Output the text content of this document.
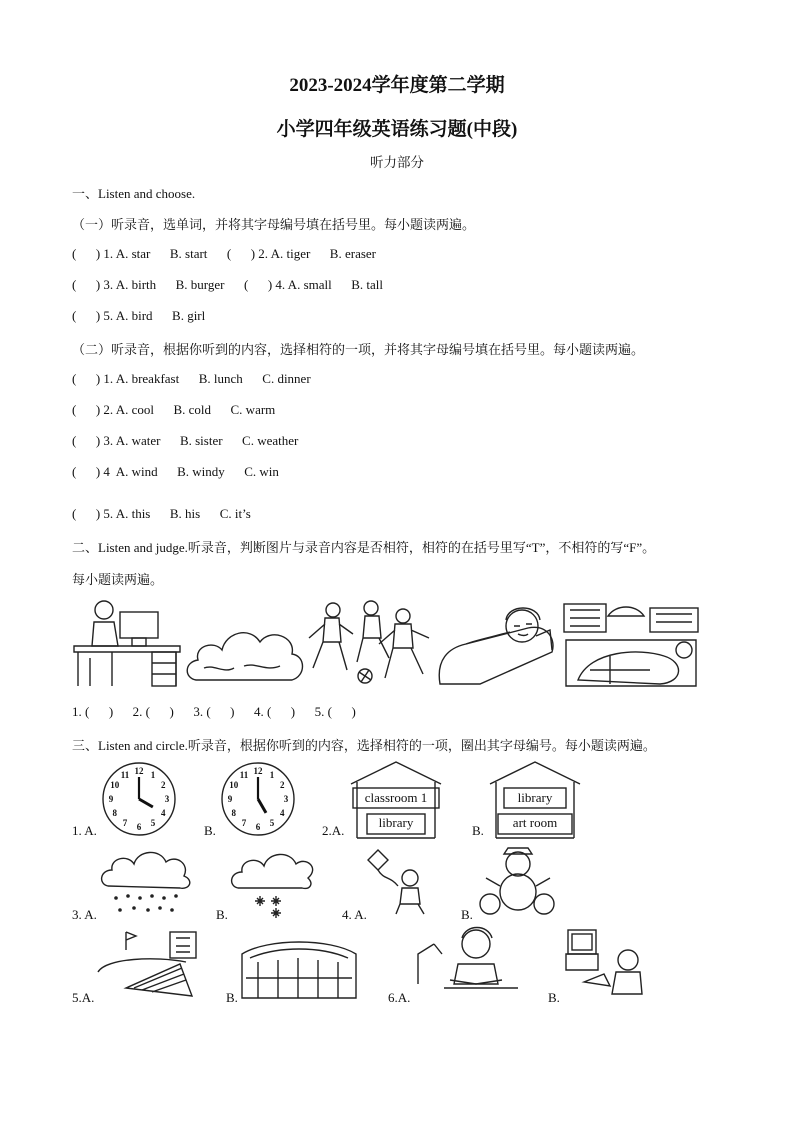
2023-2024学年度第二学期
小学四年级英语练习题(中段)
听力部分
一、Listen and choose.
（一）听录音，选单词，并将其字母编号填在括号里。每小题读两遍。
(      ) 1. A. star      B. start      (      ) 2. A. tiger      B. eraser
(      ) 3. A. birth      B. burger      (      ) 4. A. small      B. tall
(      ) 5. A. bird      B. girl
（二）听录音，根据你听到的内容，选择相符的一项，并将其字母编号填在括号里。每小题读两遍。
(      ) 1. A. breakfast      B. lunch      C. dinner
(      ) 2. A. cool      B. cold      C. warm
(      ) 3. A. water      B. sister      C. weather
(      ) 4  A. wind      B. windy      C. win
(      ) 5. A. this      B. his      C. it’s
二、Listen and judge.听录音，判断图片与录音内容是否相符，相符的在括号里写“T”，不相符的写“F”。
每小题读两遍。
1. (      )      2. (      )      3. (      )      4. (      )      5. (      )
三、Listen and circle.听录音，根据你听到的内容，选择相符的一项，圈出其字母编号。每小题读两遍。
1. A.
12 1
2
3
4
5
6
7
8
9
10
11
B.
12 1
2
3
4
5
6
7
8
9
10
11
2.A.
classroom 1
library
B.
library
art room
3. A.	B.	4. A.	B.
5.A.	B.	6.A.	B.
